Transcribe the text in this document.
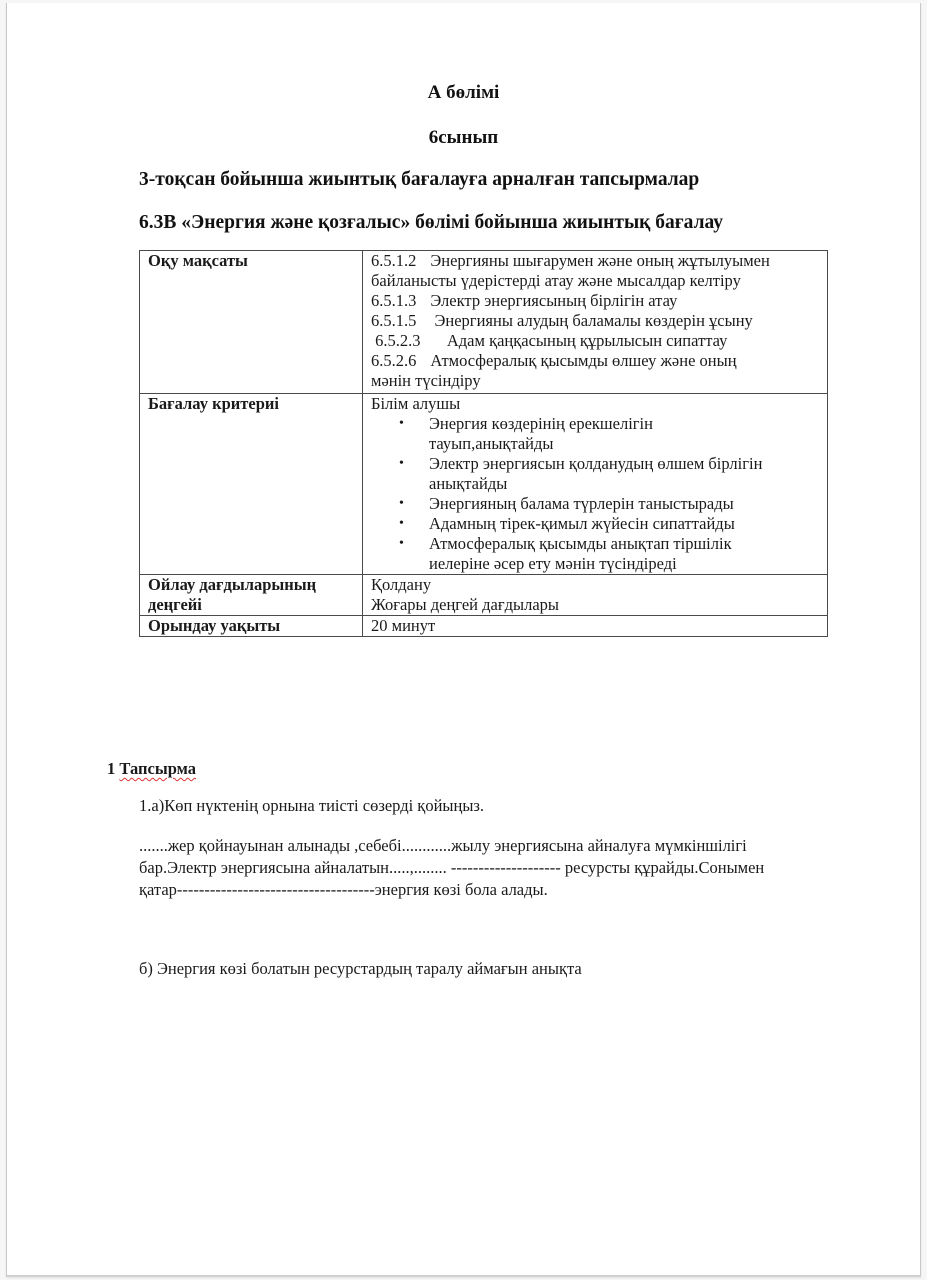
А бөлімі
6сынып
3-тоқсан бойынша жиынтық бағалауға арналған тапсырмалар
6.3В «Энергия және қозғалыс» бөлімі бойынша жиынтық бағалау
Оқу мақсаты	6.5.1.2 Энергияны шығарумен және оның жұтылуымен
байланысты үдерістерді атау және мысалдар келтіру
6.5.1.3 Электр энергиясының бірлігін атау
6.5.1.5 Энергияны алудың баламалы көздерін ұсыну
6.5.2.3   Адам қаңқасының құрылысын сипаттау
6.5.2.6 Атмосфералық қысымды өлшеу және оның
мәнін түсіндіру

Бағалау критериі	Білім алушы
• Энергия көздерінің ерекшелігін тауып,анықтайды
• Электр энергиясын қолданудың өлшем бірлігін анықтайды
• Энергияның балама түрлерін таныстырады
• Адамның тірек-қимыл жүйесін сипаттайды
• Атмосфералық қысымды анықтап тіршілік иелеріне әсер ету мәнін түсіндіреді

Ойлау дағдыларының деңгейі	Қолдану
Жоғары деңгей дағдылары

Орындау уақыты	20 минут
1 Тапсырма
1.а)Көп нүктенің орнына тиісті сөзерді қойыңыз.
.......жер қойнауынан алынады ,себебі............жылу энергиясына айналуға мүмкіншілігі
бар.Электр энергиясына айналатын.....,........ -------------------- ресурсты құрайды.Сонымен
қатар------------------------------------энергия көзі бола алады.
б) Энергия көзі болатын ресурстардың таралу аймағын анықта
